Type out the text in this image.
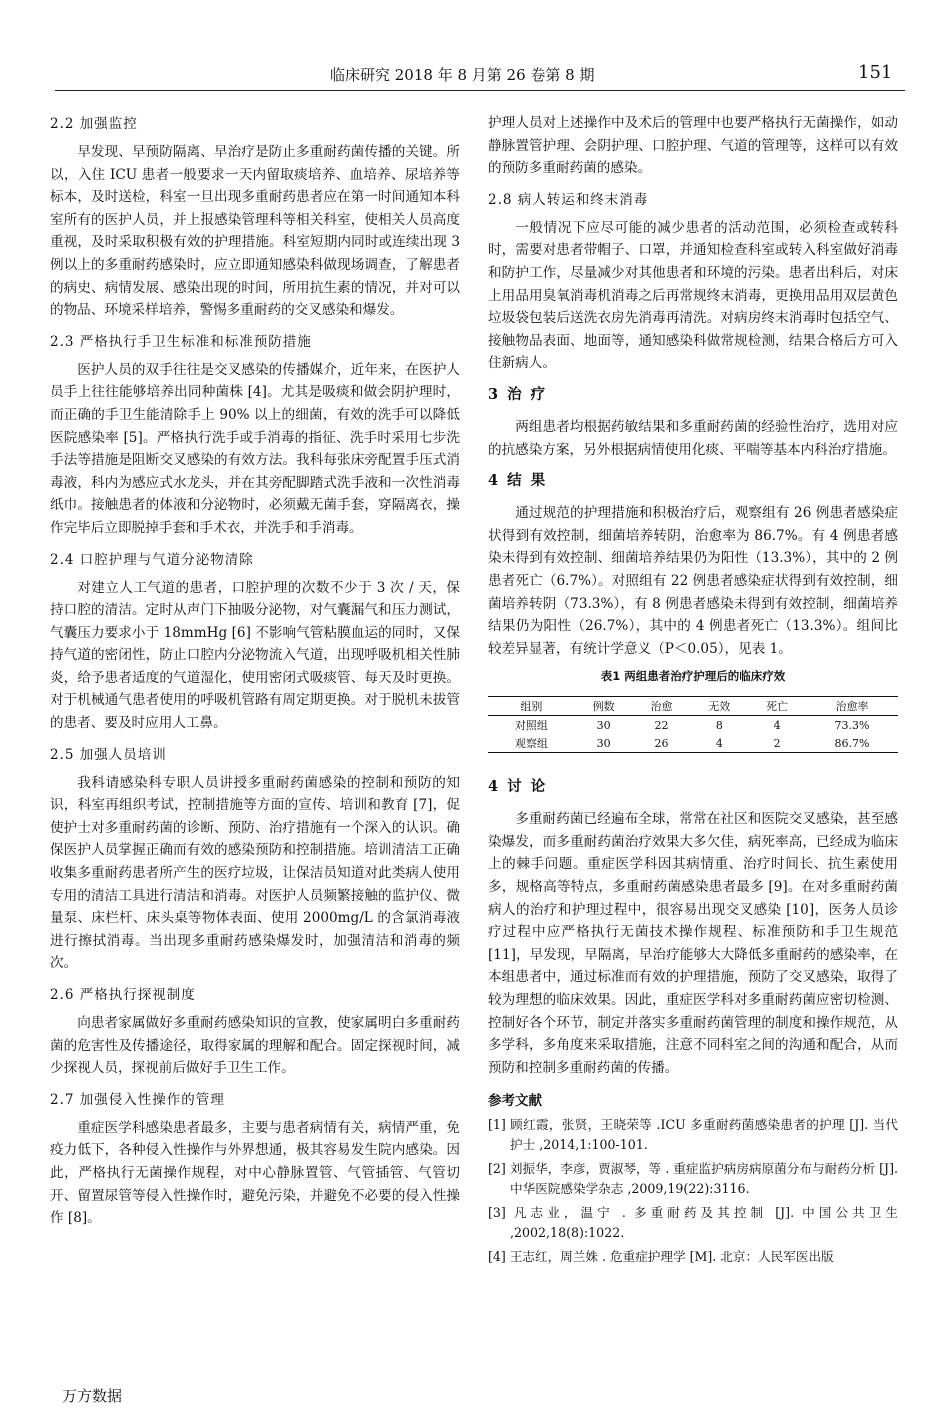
临床研究 2018 年 8 月第 26 卷第 8 期	151
2.2 加强监控

早发现、早预防隔离、早治疗是防止多重耐药菌传播的关键。所以，入住 ICU 患者一般要求一天内留取痰培养、血培养、尿培养等标本，及时送检，科室一旦出现多重耐药患者应在第一时间通知本科室所有的医护人员，并上报感染管理科等相关科室，使相关人员高度重视，及时采取积极有效的护理措施。科室短期内同时或连续出现 3 例以上的多重耐药感染时，应立即通知感染科做现场调查，了解患者的病史、病情发展、感染出现的时间，所用抗生素的情况，并对可以的物品、环境采样培养，警惕多重耐药的交叉感染和爆发。

2.3 严格执行手卫生标准和标准预防措施

医护人员的双手往往是交叉感染的传播媒介，近年来，在医护人员手上往往能够培养出同种菌株 [4]。尤其是吸痰和做会阴护理时，而正确的手卫生能清除手上 90% 以上的细菌，有效的洗手可以降低医院感染率 [5]。严格执行洗手或手消毒的指征、洗手时采用七步洗手法等措施是阻断交叉感染的有效方法。我科每张床旁配置手压式消毒液，科内为感应式水龙头，并在其旁配脚踏式洗手液和一次性消毒纸巾。接触患者的体液和分泌物时，必须戴无菌手套，穿隔离衣，操作完毕后立即脱掉手套和手术衣，并洗手和手消毒。

2.4 口腔护理与气道分泌物清除

对建立人工气道的患者，口腔护理的次数不少于 3 次 / 天，保持口腔的清洁。定时从声门下抽吸分泌物，对气囊漏气和压力测试，气囊压力要求小于 18mmHg [6] 不影响气管粘膜血运的同时，又保持气道的密闭性，防止口腔内分泌物流入气道，出现呼吸机相关性肺炎，给予患者适度的气道湿化，使用密闭式吸痰管、每天及时更换。对于机械通气患者使用的呼吸机管路有周定期更换。对于脱机未拔管的患者、要及时应用人工鼻。

2.5 加强人员培训

我科请感染科专职人员讲授多重耐药菌感染的控制和预防的知识，科室再组织考试，控制措施等方面的宣传、培训和教育 [7]，促使护士对多重耐药菌的诊断、预防、治疗措施有一个深入的认识。确保医护人员掌握正确而有效的感染预防和控制措施。培训清洁工正确收集多重耐药患者所产生的医疗垃圾，让保洁员知道对此类病人使用专用的清洁工具进行清洁和消毒。对医护人员频繁接触的监护仪、微量泵、床栏杆、床头桌等物体表面、使用 2000mg/L 的含氯消毒液进行擦拭消毒。当出现多重耐药感染爆发时，加强清洁和消毒的频次。

2.6 严格执行探视制度

向患者家属做好多重耐药感染知识的宣教，使家属明白多重耐药菌的危害性及传播途径，取得家属的理解和配合。固定探视时间，减少探视人员，探视前后做好手卫生工作。

2.7 加强侵入性操作的管理

重症医学科感染患者最多，主要与患者病情有关，病情严重，免疫力低下，各种侵入性操作与外界想通，极其容易发生院内感染。因此，严格执行无菌操作规程，对中心静脉置管、气管插管、气管切开、留置尿管等侵入性操作时，避免污染，并避免不必要的侵入性操作 [8]。

护理人员对上述操作中及术后的管理中也要严格执行无菌操作，如动静脉置管护理、会阴护理、口腔护理、气道的管理等，这样可以有效的预防多重耐药菌的感染。

2.8 病人转运和终末消毒

一般情况下应尽可能的减少患者的活动范围，必须检查或转科时，需要对患者带帽子、口罩，并通知检查科室或转入科室做好消毒和防护工作，尽量减少对其他患者和环境的污染。患者出科后，对床上用品用臭氧消毒机消毒之后再常规终末消毒，更换用品用双层黄色垃圾袋包装后送洗衣房先消毒再清洗。对病房终末消毒时包括空气、接触物品表面、地面等，通知感染科做常规检测，结果合格后方可入住新病人。

3 治 疗

两组患者均根据药敏结果和多重耐药菌的经验性治疗，选用对应的抗感染方案，另外根据病情使用化痰、平喘等基本内科治疗措施。

4 结 果

通过规范的护理措施和积极治疗后，观察组有 26 例患者感染症状得到有效控制，细菌培养转阴，治愈率为 86.7%。有 4 例患者感染未得到有效控制、细菌培养结果仍为阳性（13.3%），其中的 2 例患者死亡（6.7%）。对照组有 22 例患者感染症状得到有效控制，细菌培养转阴（73.3%），有 8 例患者感染未得到有效控制，细菌培养结果仍为阳性（26.7%），其中的 4 例患者死亡（13.3%）。组间比较差异显著，有统计学意义（P＜0.05），见表 1。

表1 两组患者治疗护理后的临床疗效
组别	例数	治愈	无效	死亡	治愈率
对照组	30	22	8	4	73.3%
观察组	30	26	4	2	86.7%
4 讨 论

多重耐药菌已经遍布全球，常常在社区和医院交叉感染，甚至感染爆发，而多重耐药菌治疗效果大多欠佳，病死率高，已经成为临床上的棘手问题。重症医学科因其病情重、治疗时间长、抗生素使用多，规格高等特点，多重耐药菌感染患者最多 [9]。在对多重耐药菌病人的治疗和护理过程中，很容易出现交叉感染 [10]，医务人员诊疗过程中应严格执行无菌技术操作规程、标准预防和手卫生规范 [11]，早发现，早隔离，早治疗能够大大降低多重耐药的感染率，在本组患者中，通过标准而有效的护理措施，预防了交叉感染，取得了较为理想的临床效果。因此，重症医学科对多重耐药菌应密切检测、控制好各个环节，制定并落实多重耐药菌管理的制度和操作规范，从多学科，多角度来采取措施，注意不同科室之间的沟通和配合，从而预防和控制多重耐药菌的传播。

参考文献
[1] 顾红霞，张贤，王晓荣等 .ICU 多重耐药菌感染患者的护理 [J]. 当代护士 ,2014,1:100-101.
[2] 刘振华，李彦，贾淑琴，等 . 重症监护病房病原菌分布与耐药分析 [J]. 中华医院感染学杂志 ,2009,19(22):3116.
[3] 凡志业，温宁 . 多重耐药及其控制 [J]. 中国公共卫生 ,2002,18(8):1022.
[4] 王志红，周兰姝 . 危重症护理学 [M]. 北京：人民军医出版
万方数据
